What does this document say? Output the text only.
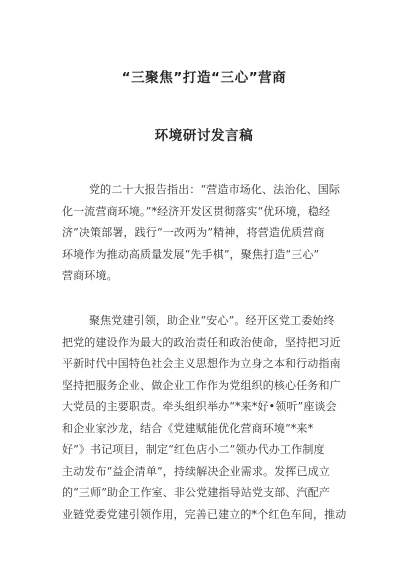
“三聚焦”打造“三心”营商
环境研讨发言稿
党的二十大报告指出：“营造市场化、法治化、国际
化一流营商环境。”*经济开发区贯彻落实“优环境，稳经
济”决策部署，践行“一改两为”精神，将营造优质营商
环境作为推动高质量发展“先手棋”，聚焦打造“三心”
营商环境。
聚焦党建引领，助企业“安心”。经开区党工委始终
把党的建设作为最大的政治责任和政治使命，坚持把习近
平新时代中国特色社会主义思想作为立身之本和行动指南
坚持把服务企业、做企业工作作为党组织的核心任务和广
大党员的主要职责。牵头组织举办“*来*好•领听”座谈会
和企业家沙龙，结合《党建赋能优化营商环境“*来*
好”》书记项目，制定“红色店小二”领办代办工作制度
主动发布“益企清单”，持续解决企业需求。发挥已成立
的“三师”助企工作室、非公党建指导站党支部、汽配产
业链党委党建引领作用，完善已建立的*个红色车间，推动
